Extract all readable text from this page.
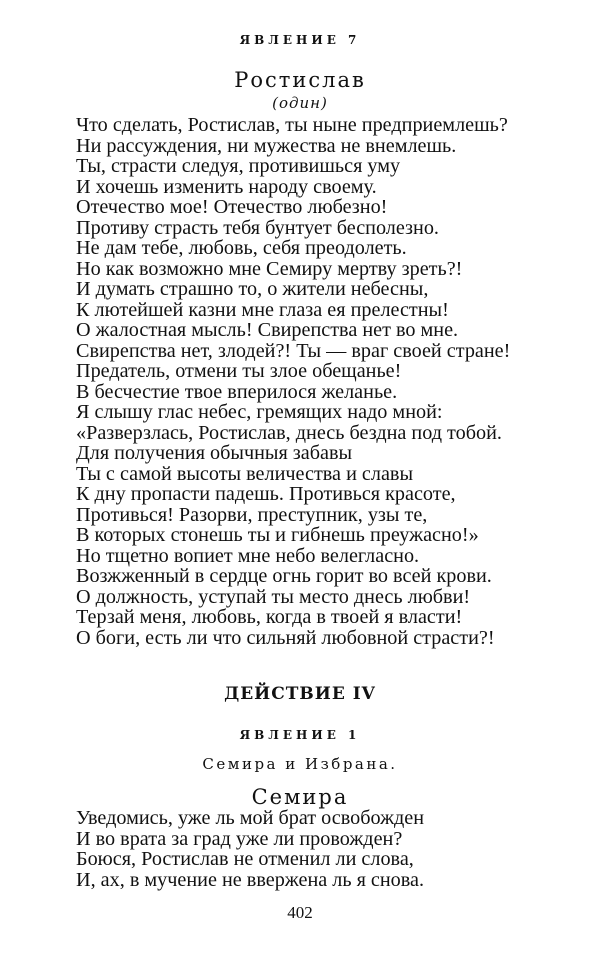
ЯВЛЕНИЕ 7
Ростислав
(один)
Что сделать, Ростислав, ты ныне предприемлешь?
Ни рассуждения, ни мужества не внемлешь.
Ты, страсти следуя, противишься уму
И хочешь изменить народу своему.
Отечество мое! Отечество любезно!
Противу страсть тебя бунтует бесполезно.
Не дам тебе, любовь, себя преодолеть.
Но как возможно мне Семиру мертву зреть?!
И думать страшно то, о жители небесны,
К лютейшей казни мне глаза ея прелестны!
О жалостная мысль! Свирепства нет во мне.
Свирепства нет, злодей?! Ты — враг своей стране!
Предатель, отмени ты злое обещанье!
В бесчестие твое вперилося желанье.
Я слышу глас небес, гремящих надо мной:
«Разверзлась, Ростислав, днесь бездна под тобой.
Для получения обычныя забавы
Ты с самой высоты величества и славы
К дну пропасти падешь. Противься красоте,
Противься! Разорви, преступник, узы те,
В которых стонешь ты и гибнешь преужасно!»
Но тщетно вопиет мне небо велегласно.
Возжженный в сердце огнь горит во всей крови.
О должность, уступай ты место днесь любви!
Терзай меня, любовь, когда в твоей я власти!
О боги, есть ли что сильняй любовной страсти?!
ДЕЙСТВИЕ IV
ЯВЛЕНИЕ 1
Семира и Избрана.
Семира
Уведомись, уже ль мой брат освобожден
И во врата за град уже ли провожден?
Боюся, Ростислав не отменил ли слова,
И, ах, в мучение не ввержена ль я снова.
402
